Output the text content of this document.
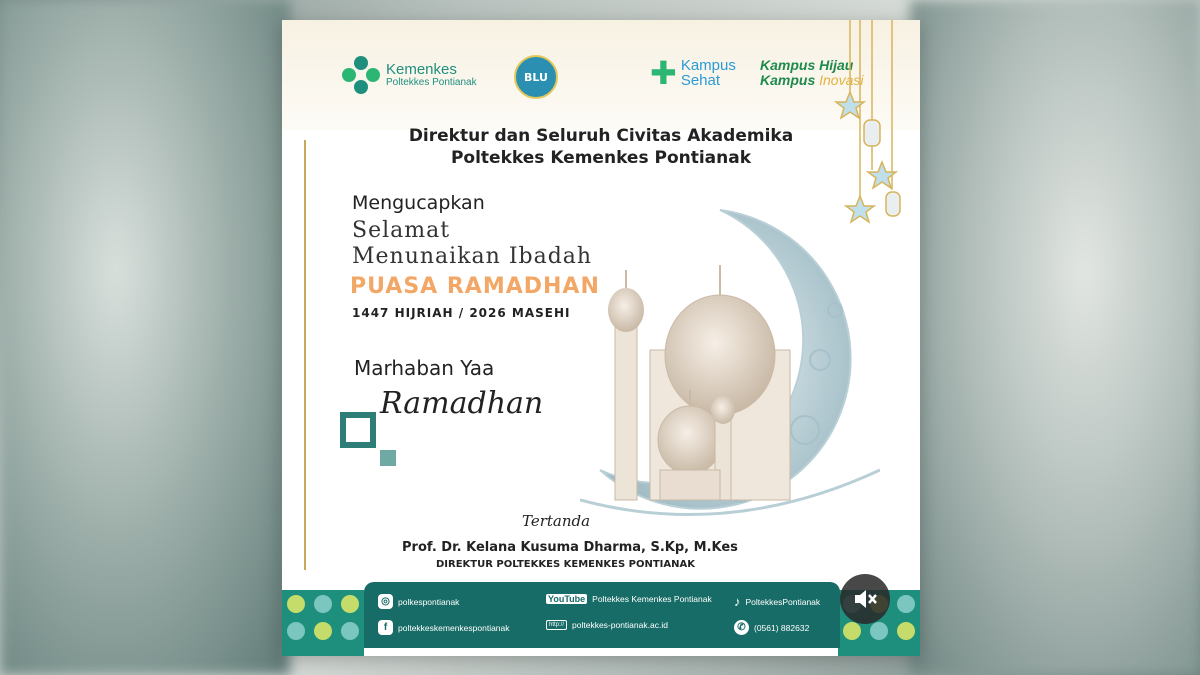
Kemenkes
Poltekkes Pontianak	BLU	✚ Kampus
Sehat
Kampus Hijau
Kampus Inovasi
Direktur dan Seluruh Civitas Akademika
Poltekkes Kemenkes Pontianak
Mengucapkan
Selamat
Menunaikan Ibadah
PUASA RAMADHAN
1447 HIJRIAH / 2026 MASEHI
Marhaban Yaa
Ramadhan
Tertanda
Prof. Dr. Kelana Kusuma Dharma, S.Kp, M.Kes
DIREKTUR POLTEKKES KEMENKES PONTIANAK
◎ polkespontianak
f	poltekkeskemenkespontianak
YouTube Poltekkes Kemenkes Pontianak
http:// poltekkes-pontianak.ac.id
♪ PoltekkesPontianak
✆ (0561) 882632
